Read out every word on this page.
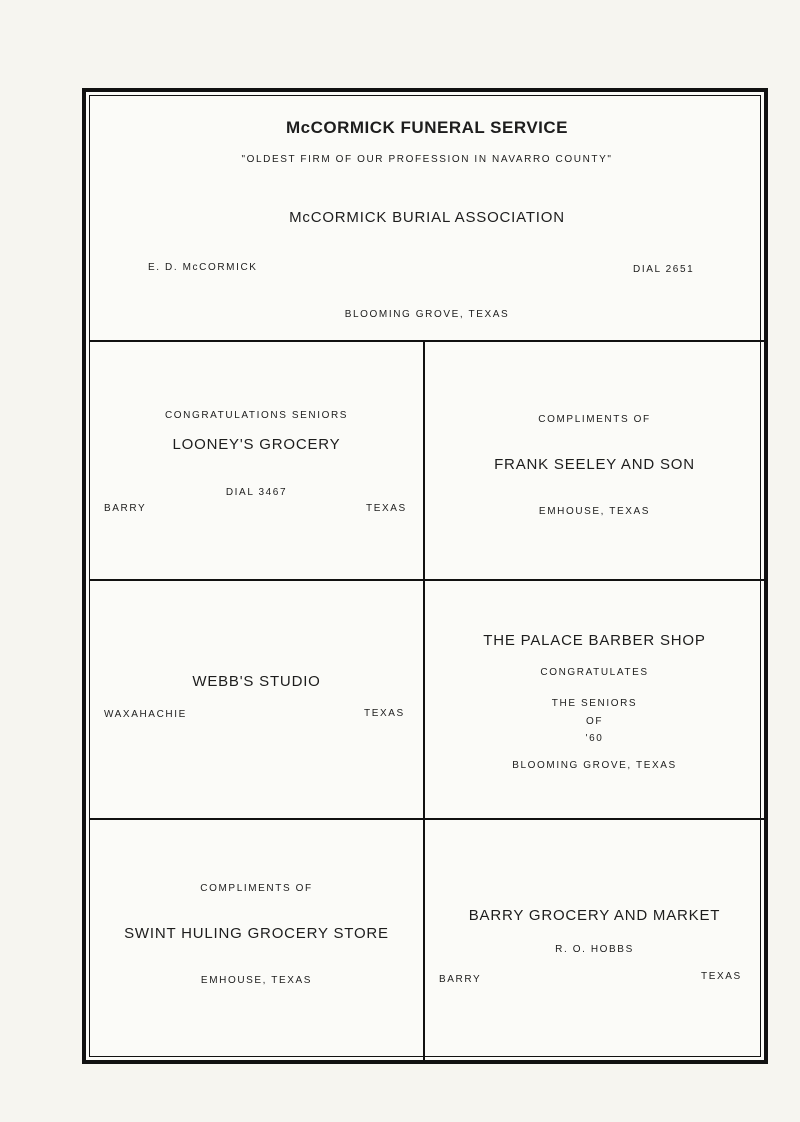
McCORMICK FUNERAL SERVICE
"OLDEST FIRM OF OUR PROFESSION IN NAVARRO COUNTY"
McCORMICK BURIAL ASSOCIATION
E. D. McCORMICK	DIAL 2651
BLOOMING GROVE, TEXAS
CONGRATULATIONS SENIORS
LOONEY'S GROCERY
DIAL 3467
BARRY	TEXAS
COMPLIMENTS OF
FRANK SEELEY AND SON
EMHOUSE, TEXAS
WEBB'S STUDIO
WAXAHACHIE	TEXAS
THE PALACE BARBER SHOP
CONGRATULATES
THE SENIORS
OF
'60
BLOOMING GROVE, TEXAS
COMPLIMENTS OF
SWINT HULING GROCERY STORE
EMHOUSE, TEXAS
BARRY GROCERY AND MARKET
R. O. HOBBS
BARRY	TEXAS
